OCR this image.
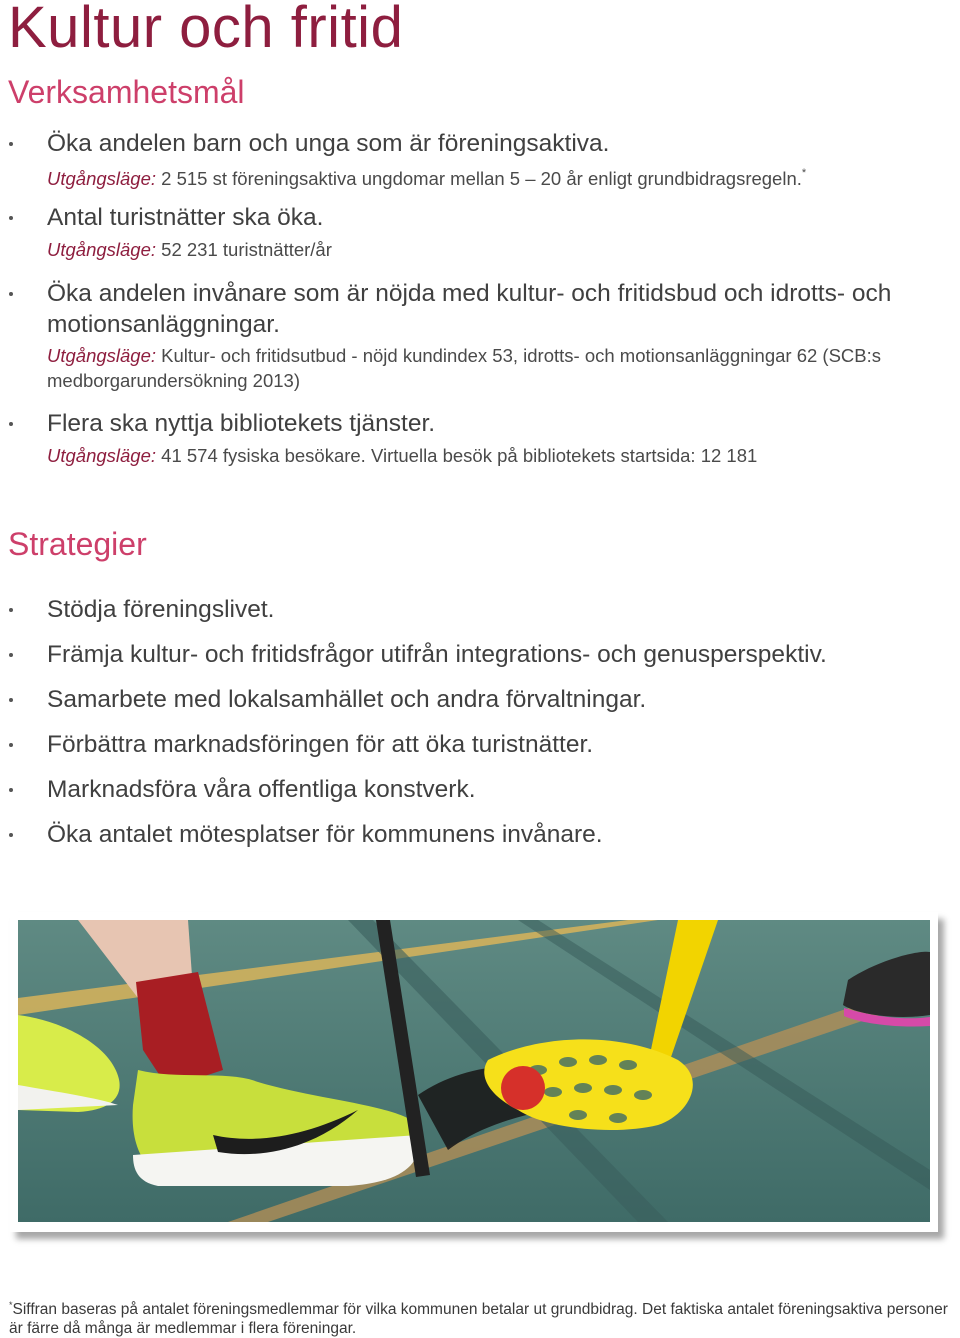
Kultur och fritid
Verksamhetsmål
Öka andelen barn och unga som är föreningsaktiva.
Utgångsläge: 2 515 st föreningsaktiva ungdomar mellan 5 – 20 år enligt grundbidragsregeln.*
Antal turistnätter ska öka.
Utgångsläge: 52 231 turistnätter/år
Öka andelen invånare som är nöjda med kultur- och fritidsbud och idrotts- och motionsanläggningar.
Utgångsläge: Kultur- och fritidsutbud - nöjd kundindex 53, idrotts- och motionsanläggningar 62 (SCB:s medborgarundersökning 2013)
Flera ska nyttja bibliotekets tjänster.
Utgångsläge: 41 574 fysiska besökare. Virtuella besök på bibliotekets startsida: 12 181
Strategier
Stödja föreningslivet.
Främja kultur- och fritidsfrågor utifrån integrations- och genusperspektiv.
Samarbete med lokalsamhället och andra förvaltningar.
Förbättra marknadsföringen för att öka turistnätter.
Marknadsföra våra offentliga konstverk.
Öka antalet mötesplatser för kommunens invånare.
*Siffran baseras på antalet föreningsmedlemmar för vilka kommunen betalar ut grundbidrag. Det faktiska antalet föreningsaktiva personer är färre då många är medlemmar i flera föreningar.
